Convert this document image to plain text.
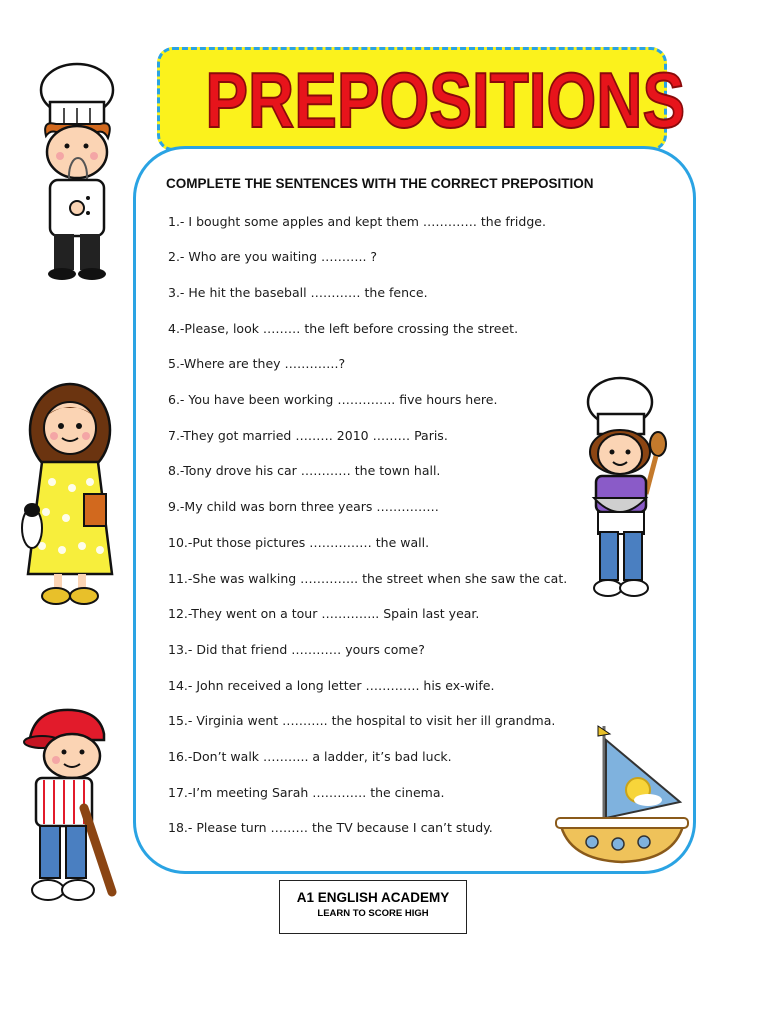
PREPOSITIONS
COMPLETE THE SENTENCES WITH THE CORRECT PREPOSITION
1.- I bought some apples and kept them …………. the fridge.
2.- Who are you waiting ……….. ?
3.- He hit the baseball ………… the fence.
4.-Please, look ……… the left before crossing the street.
5.-Where are they ………….?
6.- You have been working ………….. five hours here.
7.-They got married ……… 2010 ……… Paris.
8.-Tony drove his car ………… the town hall.
9.-My child was born three years ……………
10.-Put those pictures …………… the wall.
11.-She was walking ………….. the street when she saw the cat.
12.-They went on a tour ………….. Spain last year.
13.- Did that friend ………… yours come?
14.- John received a long letter …………. his ex-wife.
15.- Virginia went ……….. the hospital to visit her ill grandma.
16.-Don’t walk ……….. a ladder, it’s bad luck.
17.-I’m meeting Sarah …………. the cinema.
18.- Please turn ……… the TV because I can’t study.
A1 ENGLISH ACADEMY
LEARN TO SCORE HIGH
